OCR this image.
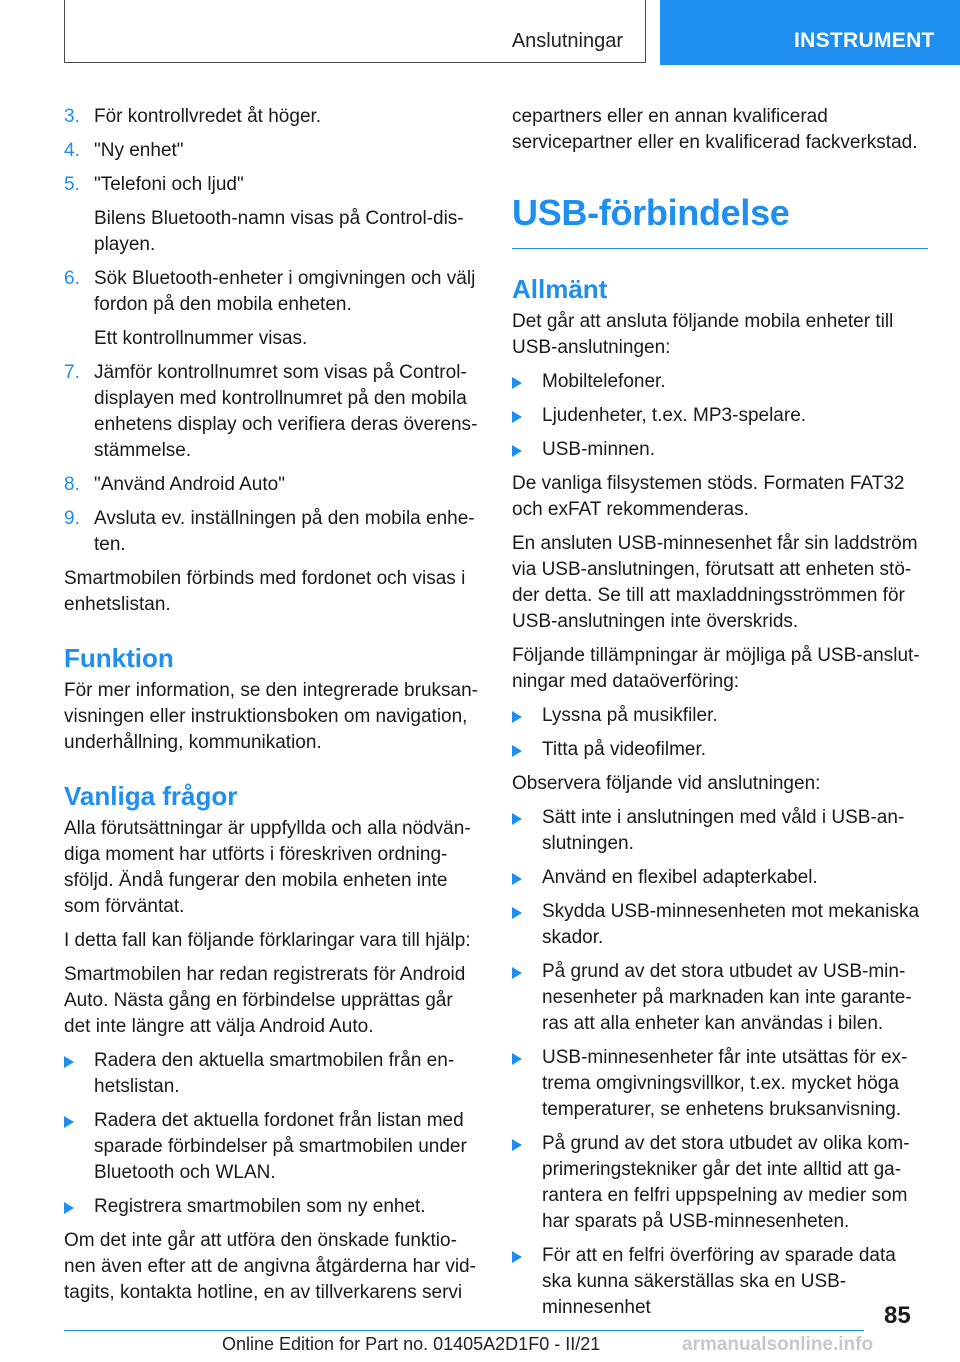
Anslutningar	INSTRUMENT
3. För kontrollvredet åt höger.
4. "Ny enhet"
5. "Telefoni och ljud"
Bilens Bluetooth-namn visas på Control-displayen.
6. Sök Bluetooth-enheter i omgivningen och välj fordon på den mobila enheten.
Ett kontrollnummer visas.
7. Jämför kontrollnumret som visas på Control-displayen med kontrollnumret på den mobila enhetens display och verifiera deras överensstämmelse.
8. "Använd Android Auto"
9. Avsluta ev. inställningen på den mobila enheten.

Smartmobilen förbinds med fordonet och visas i enhetslistan.

Funktion

För mer information, se den integrerade bruksanvisningen eller instruktionsboken om navigation, underhållning, kommunikation.

Vanliga frågor

Alla förutsättningar är uppfyllda och alla nödvändiga moment har utförts i föreskriven ordningsföljd. Ändå fungerar den mobila enheten inte som förväntat.

I detta fall kan följande förklaringar vara till hjälp:

Smartmobilen har redan registrerats för Android Auto. Nästa gång en förbindelse upprättas går det inte längre att välja Android Auto.

Radera den aktuella smartmobilen från enhetslistan.
Radera det aktuella fordonet från listan med sparade förbindelser på smartmobilen under Bluetooth och WLAN.
Registrera smartmobilen som ny enhet.

Om det inte går att utföra den önskade funktionen även efter att de angivna åtgärderna har vidtagits, kontakta hotline, en av tillverkarens servi

cepartners eller en annan kvalificerad servicepartner eller en kvalificerad fackverkstad.

USB-förbindelse
Allmänt

Det går att ansluta följande mobila enheter till USB-anslutningen:

Mobiltelefoner.
Ljudenheter, t.ex. MP3-spelare.
USB-minnen.

De vanliga filsystemen stöds. Formaten FAT32 och exFAT rekommenderas.

En ansluten USB-minnesenhet får sin laddström via USB-anslutningen, förutsatt att enheten stöder detta. Se till att maxladdningsströmmen för USB-anslutningen inte överskrids.

Följande tillämpningar är möjliga på USB-anslutningar med dataöverföring:

Lyssna på musikfiler.
Titta på videofilmer.

Observera följande vid anslutningen:

Sätt inte i anslutningen med våld i USB-anslutningen.
Använd en flexibel adapterkabel.
Skydda USB-minnesenheten mot mekaniska skador.
På grund av det stora utbudet av USB-minnesenheter på marknaden kan inte garanteras att alla enheter kan användas i bilen.
USB-minnesenheter får inte utsättas för extrema omgivningsvillkor, t.ex. mycket höga temperaturer, se enhetens bruksanvisning.
På grund av det stora utbudet av olika komprimeringstekniker går det inte alltid att garantera en felfri uppspelning av medier som har sparats på USB-minnesenheten.
För att en felfri överföring av sparade data ska kunna säkerställas ska en USB-minnesenhet	85
Online Edition for Part no. 01405A2D1F0 - II/21	armanualsonline.info
